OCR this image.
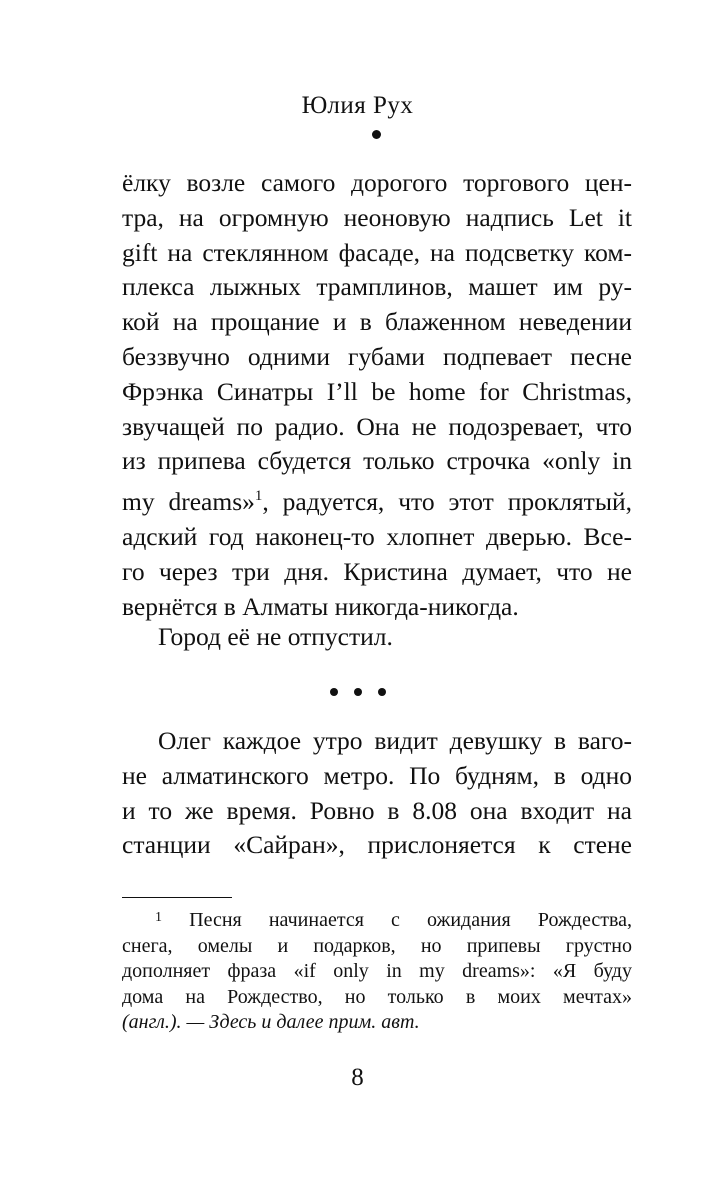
Юлия Рух
ёлку возле самого дорогого торгового цен-
тра, на огромную неоновую надпись Let it
gift на стеклянном фасаде, на подсветку ком-
плекса лыжных трамплинов, машет им ру-
кой на прощание и в блаженном неведении
беззвучно одними губами подпевает песне
Фрэнка Синатры I’ll be home for Christmas,
звучащей по радио. Она не подозревает, что
из припева сбудется только строчка «only in
my dreams»$^1$, радуется, что этот проклятый,
адский год наконец-то хлопнет дверью. Все-
го через три дня. Кристина думает, что не
вернётся в Алматы никогда-никогда.
Город её не отпустил.
Олег каждое утро видит девушку в ваго-
не алматинского метро. По будням, в одно
и то же время. Ровно в 8.08 она входит на
станции «Сайран», прислоняется к стене
$^1$ Песня начинается с ожидания Рождества,
снега, омелы и подарков, но припевы грустно
дополняет фраза «if only in my dreams»: «Я буду
дома на Рождество, но только в моих мечтах»
(англ.). — Здесь и далее прим. авт.
8
